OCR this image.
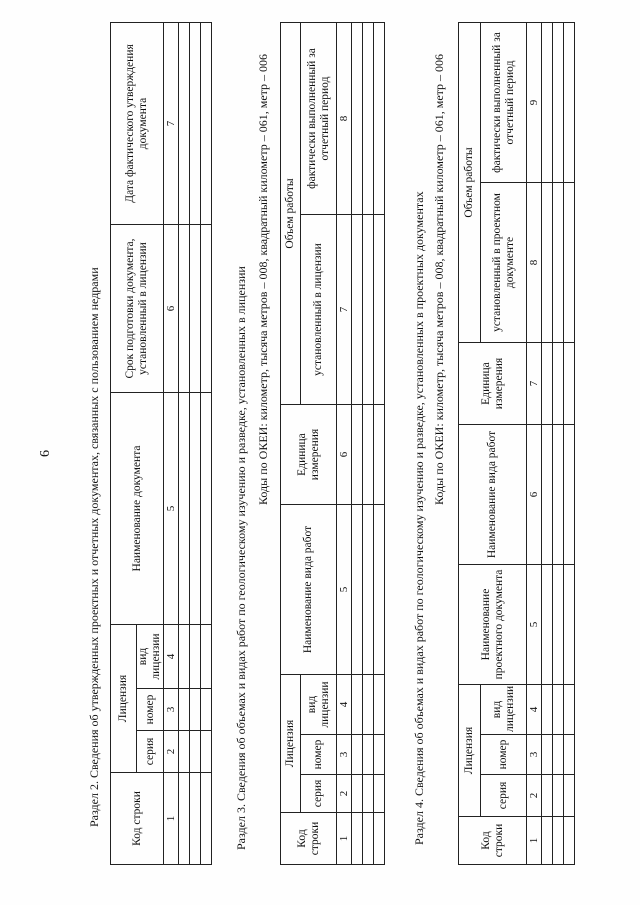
6	Раздел 2. Сведения об утвержденных проектных и отчетных документах, связанных с пользованием недрами	Код строки	Лицензия			Наименование документа	Срок подготовки документа, установленный в лицензии	Дата фактического утверждения документа
	серия	номер	вид лицензии			
1	2	3	4	5	6	7

Раздел 3. Сведения об объемах и видах работ по геологическому изучению и разведке, установленных в лицензии Коды по ОКЕИ: километр, тысяча метров – 008, квадратный километр – 061, метр – 006
Код строки	Лицензия			Наименование вида работ	Единица измерения	Объем работы	
	серия	номер	вид лицензии			установленный в лицензии	фактически выполненный за отчетный период
1	2	3	4	5	6	7	8

Раздел 4. Сведения об объемах и видах работ по геологическому изучению и разведке, установленных в проектных документах Коды по ОКЕИ: километр, тысяча метров – 008, квадратный километр – 061, метр – 006
Код строки	Лицензия			Наименование проектного документа	Наименование вида работ	Единица измерения	Объем работы	
	серия	номер	вид лицензии				установленный в проектном документе	фактически выполненный за отчетный период
1	2	3	4	5	6	7	8	9
